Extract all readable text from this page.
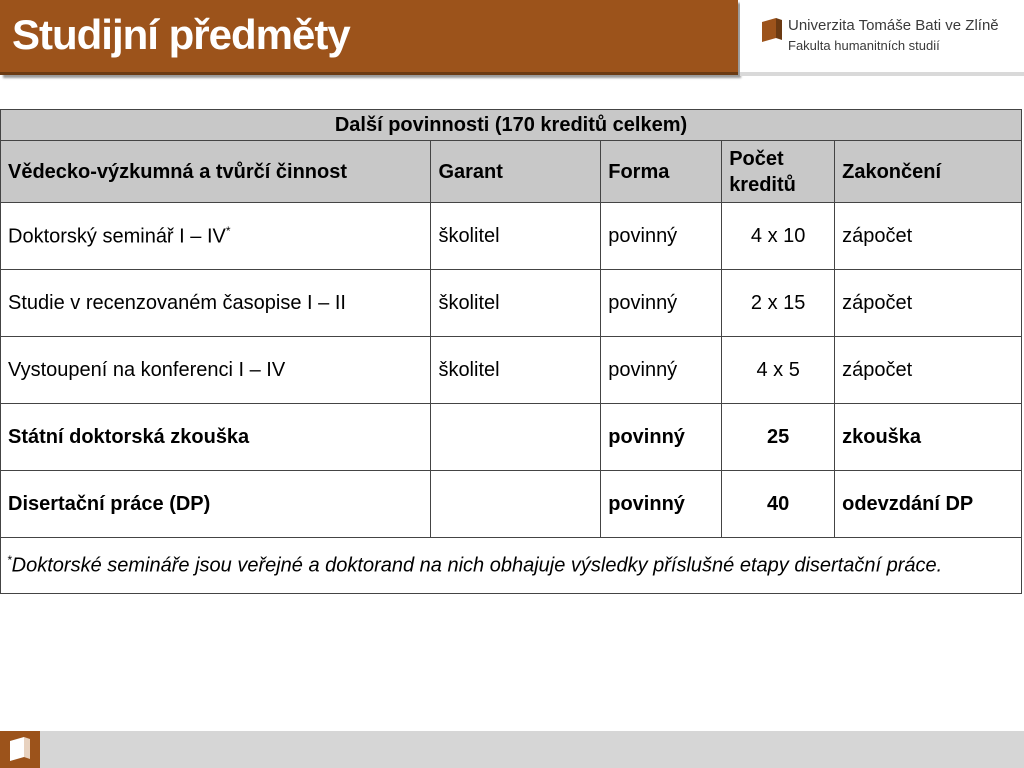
Studijní předměty	Univerzita Tomáše Bati ve Zlíně
Fakulta humanitních studií
Další povinnosti (170 kreditů celkem)				
Vědecko-výzkumná a tvůrčí činnost	Garant	Forma	Počet kreditů	Zakončení
Doktorský seminář I – IV*	školitel	povinný	4 x 10	zápočet
Studie v recenzovaném časopise I – II	školitel	povinný	2 x 15	zápočet
Vystoupení na konferenci I – IV	školitel	povinný	4 x 5	zápočet
Státní doktorská zkouška		povinný	25	zkouška
Disertační práce (DP)		povinný	40	odevzdání DP
*Doktorské semináře jsou veřejné a doktorand na nich obhajuje výsledky příslušné etapy disertační práce.				
